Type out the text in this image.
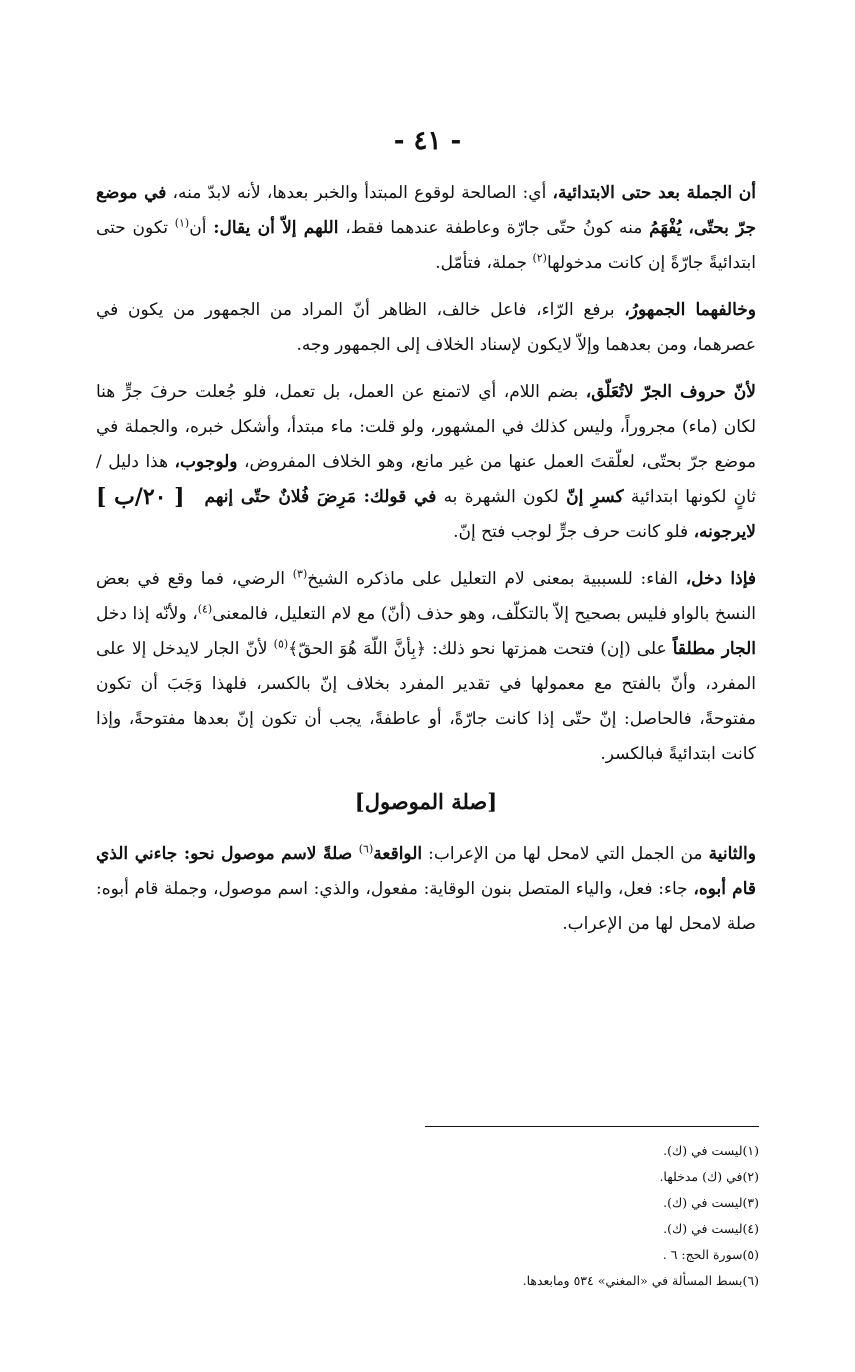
- ٤١ -

أن الجملة بعد حتى الابتدائية، أي: الصالحة لوقوع المبتدأ والخبر بعدها، لأنه لابدّ منه، في موضع جرّ بحتّى، يُفْهَمُ منه كونُ حتّى جارّة وعاطفة عندهما فقط، اللهم إلاّ أن يقال: أن$^{(١)}$ تكون حتى ابتدائيةً جارّةً إن كانت مدخولها$^{(٢)}$ جملة، فتأمّل.

وخالفهما الجمهورُ، برفع الرّاء، فاعل خالف، الظاهر أنّ المراد من الجمهور من يكون في عصرهما، ومن بعدهما وإلاّ لايكون لإسناد الخلاف إلى الجمهور وجه.

لأنّ حروف الجرّ لاتُعَلّق، بضم اللام، أي لاتمنع عن العمل، بل تعمل، فلو جُعلت حرفَ جرٍّ هنا لكان (ماء) مجروراً، وليس كذلك في المشهور، ولو قلت: ماء مبتدأ، وأشكل خبره، والجملة في موضع جرّ بحتّى، لعلّقتَ العمل عنها من غير مانع، وهو الخلاف المفروض، ولوجوب، هذا دليل / ثانٍ لكونها ابتدائية كسرِ إنّ لكون الشهرة به
[ ٢٠/ب ] في قولك: مَرِضَ فُلانٌ حتّى إنهم لايرجونه، فلو كانت حرف جرٍّ لوجب فتح إنّ.

فإذا دخل، الفاء: للسببية بمعنى لام التعليل على ماذكره الشيخ$^{(٣)}$ الرضي، فما وقع في بعض النسخ بالواو فليس بصحيح إلاّ بالتكلّف، وهو حذف (أنّ) مع لام التعليل، فالمعنى$^{(٤)}$، ولأنّه إذا دخل الجار مطلقاً على (إن) فتحت همزتها نحو ذلك: ﴿بِأنَّ اللّهَ هُوَ الحقّ﴾$^{(٥)}$ لأنّ الجار لايدخل إلا على المفرد، وأنّ بالفتح مع معمولها في تقدير المفرد بخلاف إنّ بالكسر، فلهذا وَجَبَ أن تكون مفتوحةً، فالحاصل: إنّ حتّى إذا كانت جارّةً، أو عاطفةً، يجب أن تكون إنّ بعدها مفتوحةً، وإذا كانت ابتدائيةً فبالكسر.

[صلة الموصول]

والثانية من الجمل التي لامحل لها من الإعراب: الواقعة$^{(٦)}$ صلةً لاسم موصول نحو: جاءني الذي قام أبوه، جاء: فعل، والياء المتصل بنون الوقاية: مفعول، والذي: اسم موصول، وجملة قام أبوه: صلة لامحل لها من الإعراب.

(١)ليست في (ك).
(٢)في (ك) مدخلها.
(٣)ليست في (ك).
(٤)ليست في (ك).
(٥)سورة الحج: ٦ .
(٦)بسط المسألة في «المغني» ٥٣٤ ومابعدها.
